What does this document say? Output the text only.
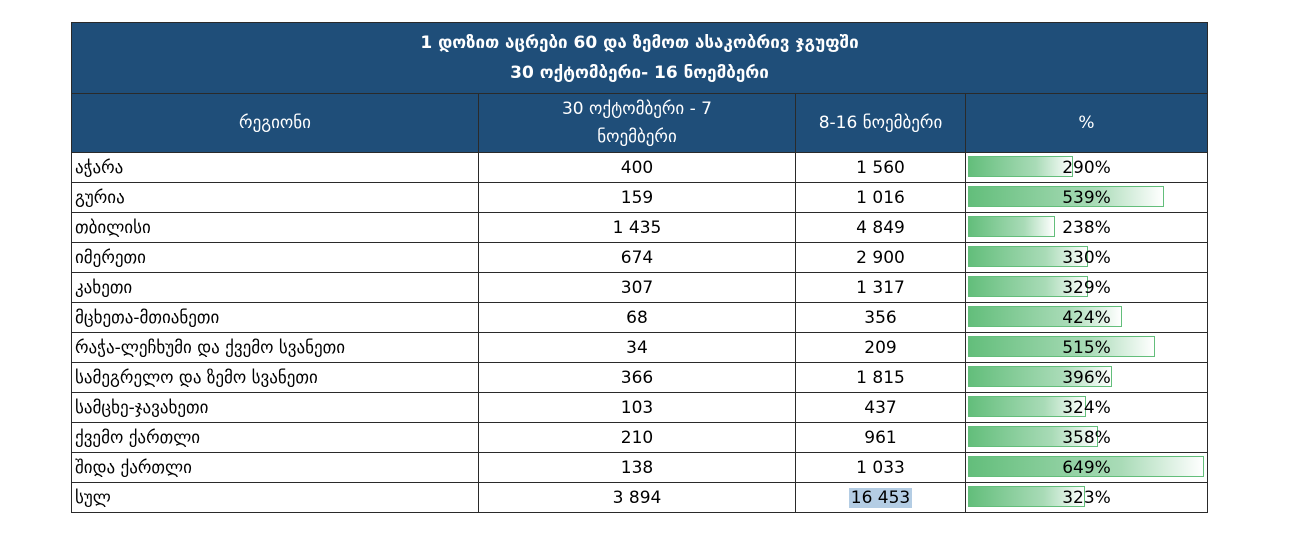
1 დოზით აცრები 60 და ზემოთ ასაკობრივ ჯგუფში
30 ოქტომბერი- 16 ნოემბერი			

რეგიონი	30 ოქტომბერი - 7 ნოემბერი	8-16 ნოემბერი	%
აჭარა	400	1 560	290%
გურია	159	1 016	539%
თბილისი	1 435	4 849	238%
იმერეთი	674	2 900	330%
კახეთი	307	1 317	329%
მცხეთა-მთიანეთი	68	356	424%
რაჭა-ლეჩხუმი და ქვემო სვანეთი	34	209	515%
სამეგრელო და ზემო სვანეთი	366	1 815	396%
სამცხე-ჯავახეთი	103	437	324%
ქვემო ქართლი	210	961	358%
შიდა ქართლი	138	1 033	649%
სულ	3 894	16 453	323%
